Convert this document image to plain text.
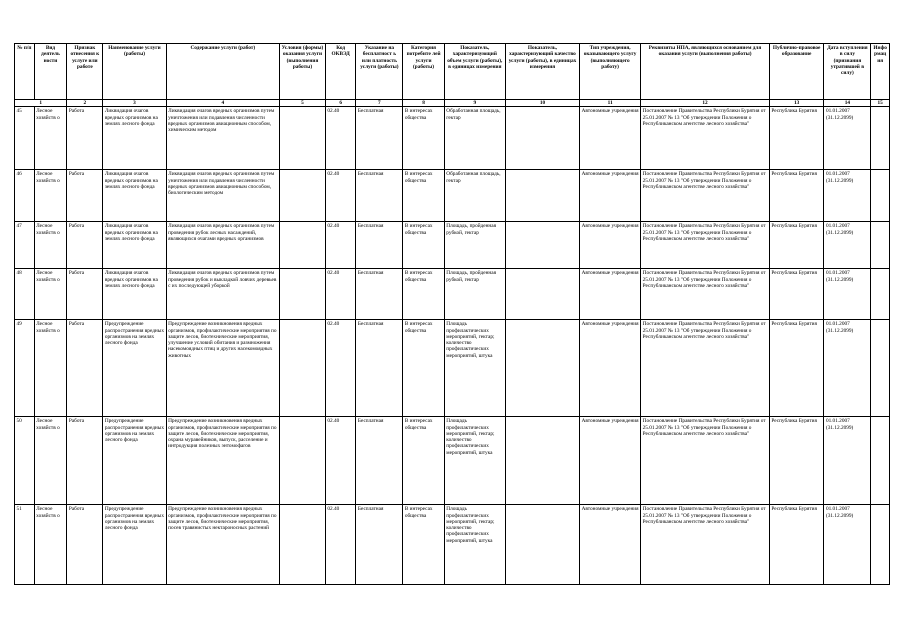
№ п/п	Вид деятель ности	Признак отнесения к услуге или работе	Наименование услуги (работы)	Содержание услуги (работ)	Условия (формы) оказания услуги (выполнения работы)	Код ОКВЭД	Указание на бесплатност ь или платность услуги (работы)	Категория потребите лей услуги (работы)	Показатель, характеризующий объем услуги (работы), в единицах измерения	Показатель, характеризующий качество услуги (работы), в единицах измерения	Тип учреждения, оказывающего услугу (выполняющего работу)	Реквизиты НПА, являющихся основанием для оказания услуги (выполнения работы)	Публично-правовое образование	Дата вступления в силу (признания утратившей в силу)	Информация
1		2	3	4	5	6	7	8	9	10	11	12	13	14	15
45	Лесное хозяйств о	Работа	Ликвидация очагов вредных организмов на землях лесного фонда	Ликвидация очагов вредных организмов путем уничтожения или подавления численности вредных организмов авиационным способом, химическим методом		02.40	Бесплатная	В интересах общества	Обработанная площадь, гектар		Автономные учреждения	Постановление Правительства Республики Бурятия от 25.01.2007 № 13 "Об утверждении Положения о Республиканском агентстве лесного хозяйства"	Республика Бурятия	01.01.2007 (31.12.2099)	
46	Лесное хозяйств о	Работа	Ликвидация очагов вредных организмов на землях лесного фонда	Ликвидация очагов вредных организмов путем уничтожения или подавления численности вредных организмов авиационным способом, биологическим методом		02.40	Бесплатная	В интересах общества	Обработанная площадь, гектар		Автономные учреждения	Постановление Правительства Республики Бурятия от 25.01.2007 № 13 "Об утверждении Положения о Республиканском агентстве лесного хозяйства"	Республика Бурятия	01.01.2007 (31.12.2099)	
47	Лесное хозяйств о	Работа	Ликвидация очагов вредных организмов на землях лесного фонда	Ликвидация очагов вредных организмов путем проведения рубок лесных насаждений, являющихся очагами вредных организмов		02.40	Бесплатная	В интересах общества	Площадь, пройденная рубкой, гектар		Автономные учреждения	Постановление Правительства Республики Бурятия от 25.01.2007 № 13 "Об утверждении Положения о Республиканском агентстве лесного хозяйства"	Республика Бурятия	01.01.2007 (31.12.2099)	
48	Лесное хозяйств о	Работа	Ликвидация очагов вредных организмов на землях лесного фонда	Ликвидация очагов вредных организмов путем проведения рубок и выкладкой ловчих деревьев с их последующей уборкой		02.40	Бесплатная	В интересах общества	Площадь, пройденная рубкой, гектар		Автономные учреждения	Постановление Правительства Республики Бурятия от 25.01.2007 № 13 "Об утверждении Положения о Республиканском агентстве лесного хозяйства"	Республика Бурятия	01.01.2007 (31.12.2099)	
49	Лесное хозяйств о	Работа	Предупреждение распространения вредных организмов на землях лесного фонда	Предупреждение возникновения вредных организмов, профилактические мероприятия по защите лесов, биотехнические мероприятия, улучшение условий обитания и размножения насекомоядных птиц и других насекомоядных животных		02.40	Бесплатная	В интересах общества	Площадь профилактических мероприятий, гектар; количество профилактических мероприятий, штука		Автономные учреждения	Постановление Правительства Республики Бурятия от 25.01.2007 № 13 "Об утверждении Положения о Республиканском агентстве лесного хозяйства"	Республика Бурятия	01.01.2007 (31.12.2099)	
50	Лесное хозяйств о	Работа	Предупреждение распространения вредных организмов на землях лесного фонда	Предупреждение возникновения вредных организмов, профилактические мероприятия по защите лесов, биотехнические мероприятия, охрана муравейников, выпуск, расселение и интродукция полезных энтомофагов		02.40	Бесплатная	В интересах общества	Площадь профилактических мероприятий, гектар; количество профилактических мероприятий, штука		Автономные учреждения	Постановление Правительства Республики Бурятия от 25.01.2007 № 13 "Об утверждении Положения о Республиканском агентстве лесного хозяйства"	Республика Бурятия	01.01.2007 (31.12.2099)	
51	Лесное хозяйств о	Работа	Предупреждение распространения вредных организмов на землях лесного фонда	Предупреждение возникновения вредных организмов, профилактические мероприятия по защите лесов, биотехнические мероприятия, посев травянистых нектароносных растений		02.40	Бесплатная	В интересах общества	Площадь профилактических мероприятий, гектар; количество профилактических мероприятий, штука		Автономные учреждения	Постановление Правительства Республики Бурятия от 25.01.2007 № 13 "Об утверждении Положения о Республиканском агентстве лесного хозяйства"	Республика Бурятия	01.01.2007 (31.12.2099)	
